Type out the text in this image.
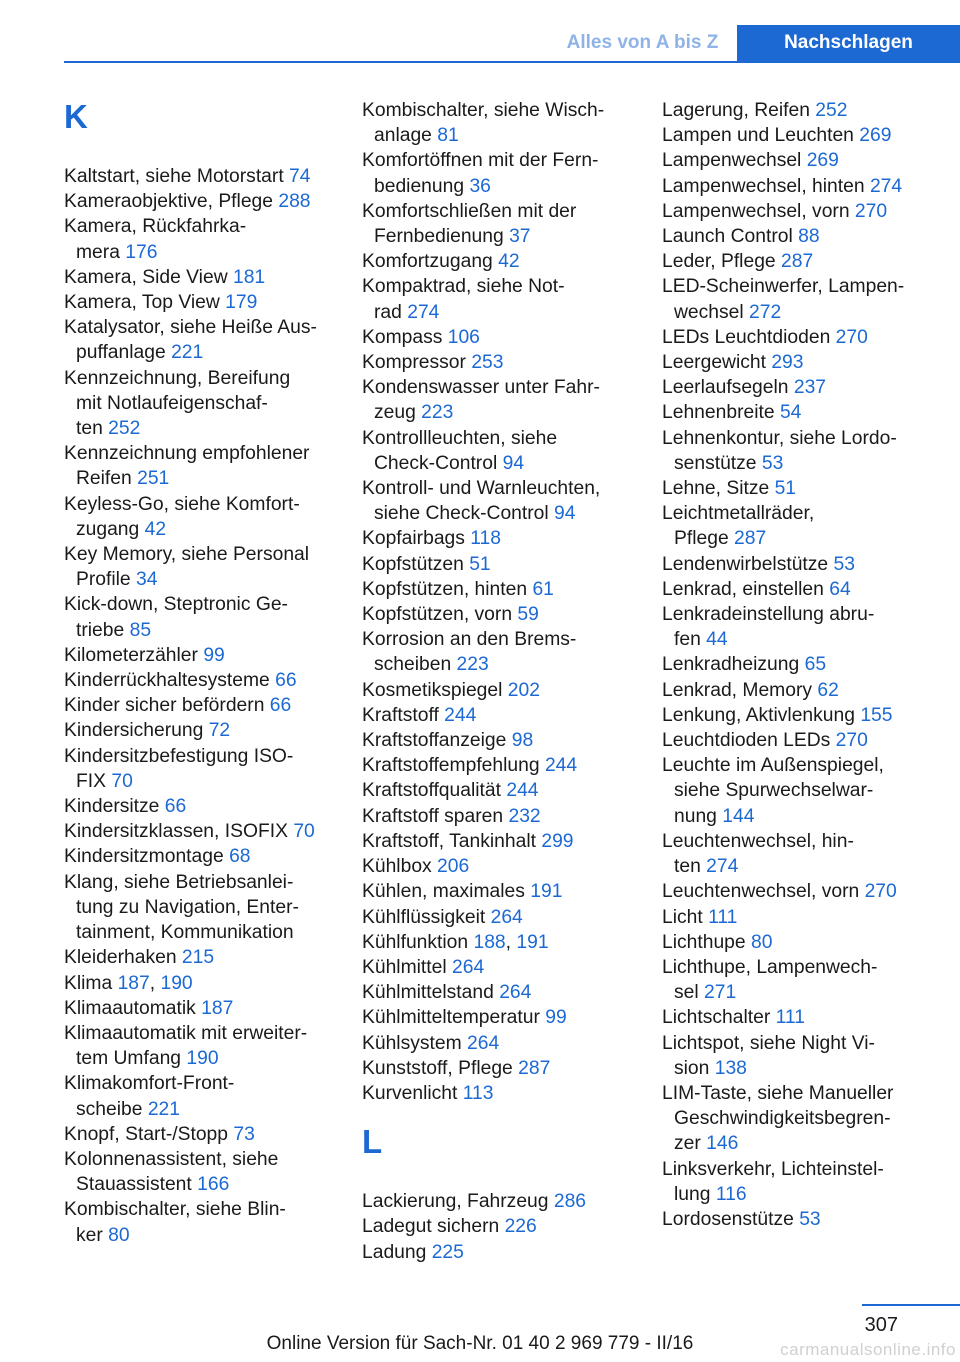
Alles von A bis Z	Nachschlagen
K
Kaltstart, siehe Motorstart 74
Kameraobjektive, Pflege 288
Kamera, Rückfahrka-
mera 176
Kamera, Side View 181
Kamera, Top View 179
Katalysator, siehe Heiße Aus-
puffanlage 221
Kennzeichnung, Bereifung
mit Notlaufeigenschaf-
ten 252
Kennzeichnung empfohlener
Reifen 251
Keyless-Go, siehe Komfort-
zugang 42
Key Memory, siehe Personal
Profile 34
Kick-down, Steptronic Ge-
triebe 85
Kilometerzähler 99
Kinderrückhaltesysteme 66
Kinder sicher befördern 66
Kindersicherung 72
Kindersitzbefestigung ISO-
FIX 70
Kindersitze 66
Kindersitzklassen, ISOFIX 70
Kindersitzmontage 68
Klang, siehe Betriebsanlei-
tung zu Navigation, Enter-
tainment, Kommunikation
Kleiderhaken 215
Klima 187, 190
Klimaautomatik 187
Klimaautomatik mit erweiter-
tem Umfang 190
Klimakomfort-Front-
scheibe 221
Knopf, Start-/Stopp 73
Kolonnenassistent, siehe
Stauassistent 166
Kombischalter, siehe Blin-
ker 80
Kombischalter, siehe Wisch-
anlage 81
Komfortöffnen mit der Fern-
bedienung 36
Komfortschließen mit der
Fernbedienung 37
Komfortzugang 42
Kompaktrad, siehe Not-
rad 274
Kompass 106
Kompressor 253
Kondenswasser unter Fahr-
zeug 223
Kontrollleuchten, siehe
Check-Control 94
Kontroll- und Warnleuchten,
siehe Check-Control 94
Kopfairbags 118
Kopfstützen 51
Kopfstützen, hinten 61
Kopfstützen, vorn 59
Korrosion an den Brems-
scheiben 223
Kosmetikspiegel 202
Kraftstoff 244
Kraftstoffanzeige 98
Kraftstoffempfehlung 244
Kraftstoffqualität 244
Kraftstoff sparen 232
Kraftstoff, Tankinhalt 299
Kühlbox 206
Kühlen, maximales 191
Kühlflüssigkeit 264
Kühlfunktion 188, 191
Kühlmittel 264
Kühlmittelstand 264
Kühlmitteltemperatur 99
Kühlsystem 264
Kunststoff, Pflege 287
Kurvenlicht 113
L
Lackierung, Fahrzeug 286
Ladegut sichern 226
Ladung 225
Lagerung, Reifen 252
Lampen und Leuchten 269
Lampenwechsel 269
Lampenwechsel, hinten 274
Lampenwechsel, vorn 270
Launch Control 88
Leder, Pflege 287
LED-Scheinwerfer, Lampen-
wechsel 272
LEDs Leuchtdioden 270
Leergewicht 293
Leerlaufsegeln 237
Lehnenbreite 54
Lehnenkontur, siehe Lordo-
senstütze 53
Lehne, Sitze 51
Leichtmetallräder,
Pflege 287
Lendenwirbelstütze 53
Lenkrad, einstellen 64
Lenkradeinstellung abru-
fen 44
Lenkradheizung 65
Lenkrad, Memory 62
Lenkung, Aktivlenkung 155
Leuchtdioden LEDs 270
Leuchte im Außenspiegel,
siehe Spurwechselwar-
nung 144
Leuchtenwechsel, hin-
ten 274
Leuchtenwechsel, vorn 270
Licht 111
Lichthupe 80
Lichthupe, Lampenwech-
sel 271
Lichtschalter 111
Lichtspot, siehe Night Vi-
sion 138
LIM-Taste, siehe Manueller
Geschwindigkeitsbegren-
zer 146
Linksverkehr, Lichteinstel-
lung 116
Lordosenstütze 53
307
Online Version für Sach-Nr. 01 40 2 969 779 - II/16	carmanualsonline.info
